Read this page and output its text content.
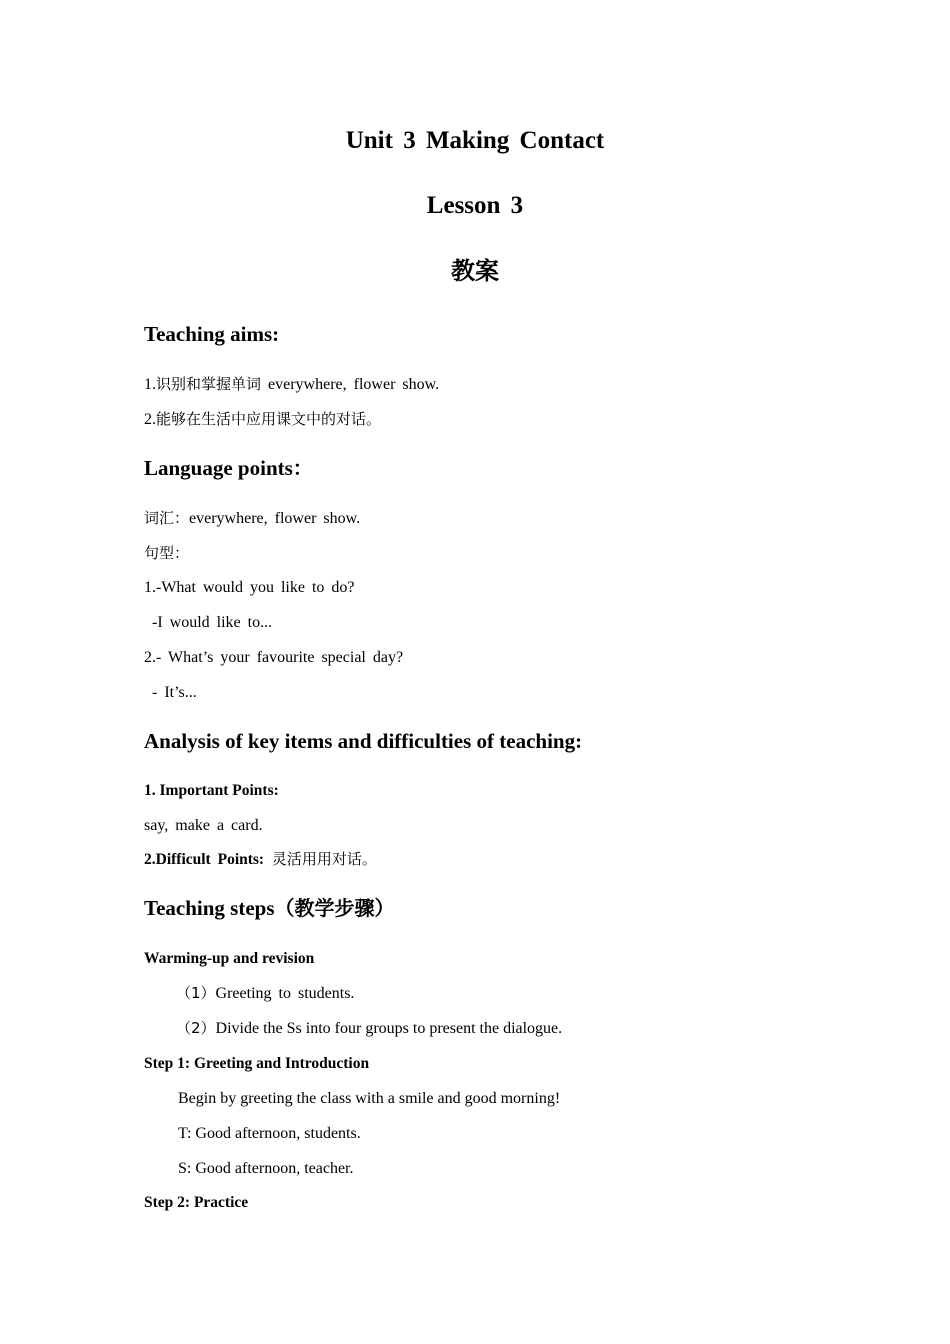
Unit 3 Making Contact
Lesson 3
教案
Teaching aims:
1.识别和掌握单词 everywhere, flower show.
2.能够在生活中应用课文中的对话。
Language points：
词汇：everywhere, flower show.
句型：
1.-What would you like to do?
-I would like to...
2.- What’s your favourite special day?
- It’s...
Analysis of key items and difficulties of teaching:
1. Important Points:
say, make a card.
2.Difficult Points: 灵活用用对话。
Teaching steps（教学步骤）
Warming-up and revision
（1）Greeting to students.
（2）Divide the Ss into four groups to present the dialogue.
Step 1: Greeting and Introduction
Begin by greeting the class with a smile and good morning!
T: Good afternoon, students.
S: Good afternoon, teacher.
Step 2: Practice
